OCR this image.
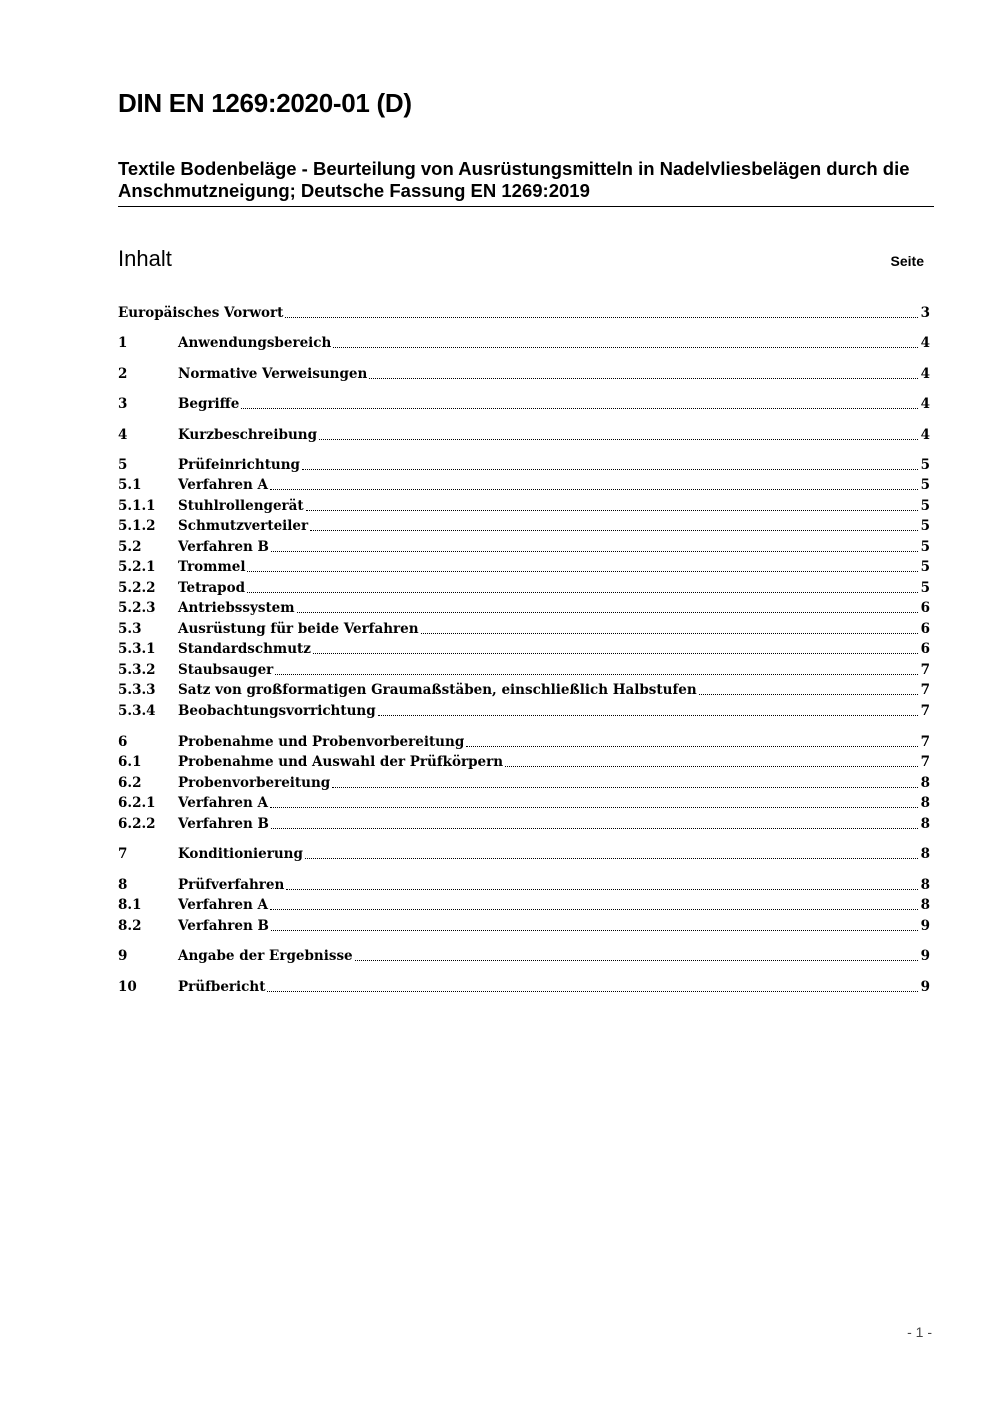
DIN EN 1269:2020-01 (D)
Textile Bodenbeläge - Beurteilung von Ausrüstungsmitteln in Nadelvliesbelägen durch die Anschmutzneigung; Deutsche Fassung EN 1269:2019
Inhalt	Seite
Europäisches Vorwort	3
1	Anwendungsbereich	4
2	Normative Verweisungen	4
3	Begriffe	4
4	Kurzbeschreibung	4
5	Prüfeinrichtung	5
5.1	Verfahren A	5
5.1.1	Stuhlrollengerät	5
5.1.2	Schmutzverteiler	5
5.2	Verfahren B	5
5.2.1	Trommel	5
5.2.2	Tetrapod	5
5.2.3	Antriebssystem	6
5.3	Ausrüstung für beide Verfahren	6
5.3.1	Standardschmutz	6
5.3.2	Staubsauger	7
5.3.3	Satz von großformatigen Graumaßstäben, einschließlich Halbstufen	7
5.3.4	Beobachtungsvorrichtung	7
6	Probenahme und Probenvorbereitung	7
6.1	Probenahme und Auswahl der Prüfkörpern	7
6.2	Probenvorbereitung	8
6.2.1	Verfahren A	8
6.2.2	Verfahren B	8
7	Konditionierung	8
8	Prüfverfahren	8
8.1	Verfahren A	8
8.2	Verfahren B	9
9	Angabe der Ergebnisse	9
10	Prüfbericht	9
- 1 -
